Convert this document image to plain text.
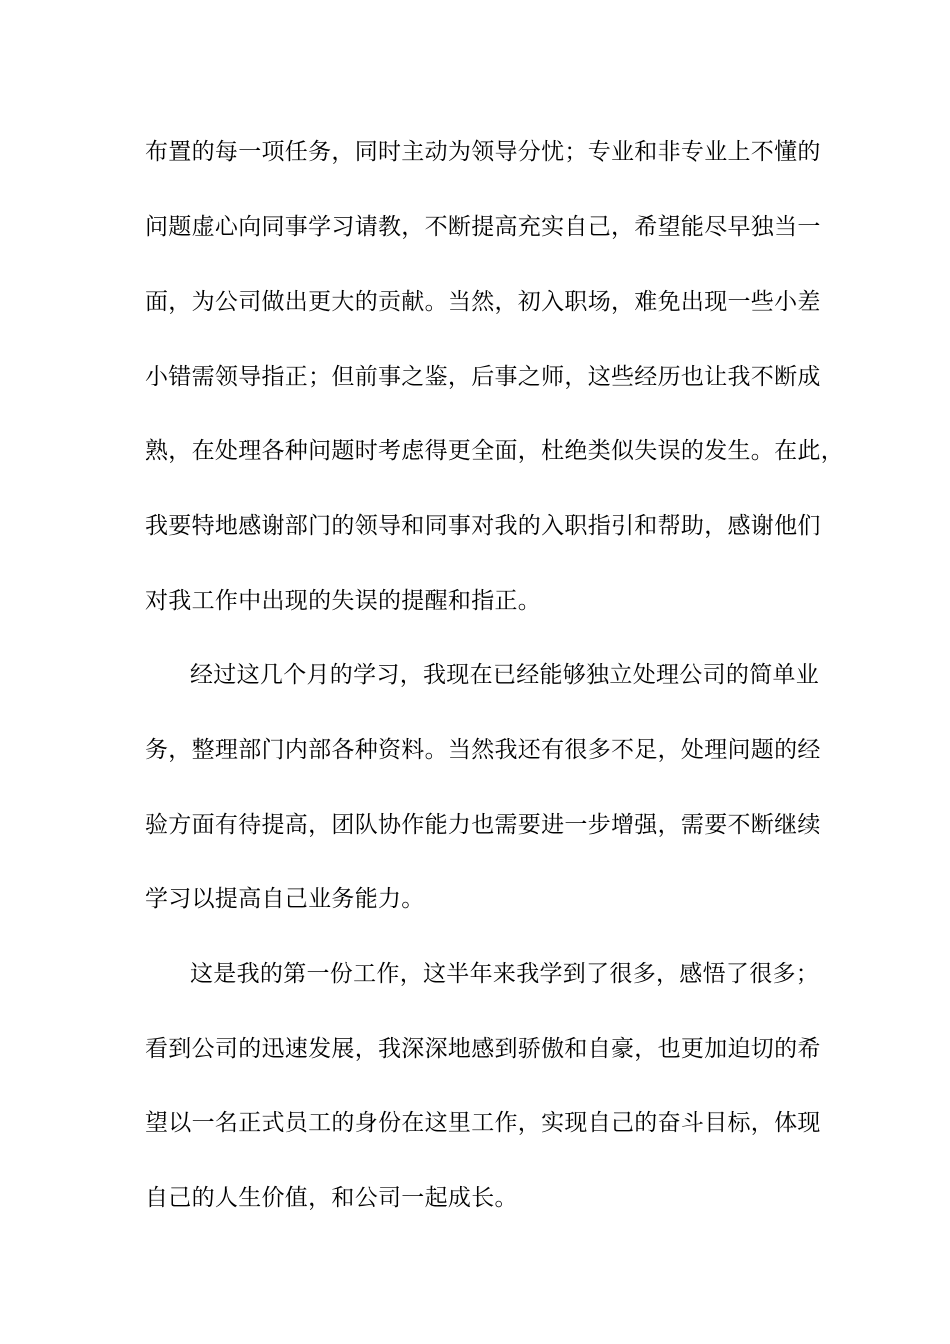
布置的每一项任务，同时主动为领导分忧；专业和非专业上不懂的

问题虚心向同事学习请教，不断提高充实自己，希望能尽早独当一

面，为公司做出更大的贡献。当然，初入职场，难免出现一些小差

小错需领导指正；但前事之鉴，后事之师，这些经历也让我不断成

熟，在处理各种问题时考虑得更全面，杜绝类似失误的发生。在此，

我要特地感谢部门的领导和同事对我的入职指引和帮助，感谢他们

对我工作中出现的失误的提醒和指正。

经过这几个月的学习，我现在已经能够独立处理公司的简单业

务，整理部门内部各种资料。当然我还有很多不足，处理问题的经

验方面有待提高，团队协作能力也需要进一步增强，需要不断继续

学习以提高自己业务能力。

这是我的第一份工作，这半年来我学到了很多，感悟了很多；

看到公司的迅速发展，我深深地感到骄傲和自豪，也更加迫切的希

望以一名正式员工的身份在这里工作，实现自己的奋斗目标，体现

自己的人生价值，和公司一起成长。
